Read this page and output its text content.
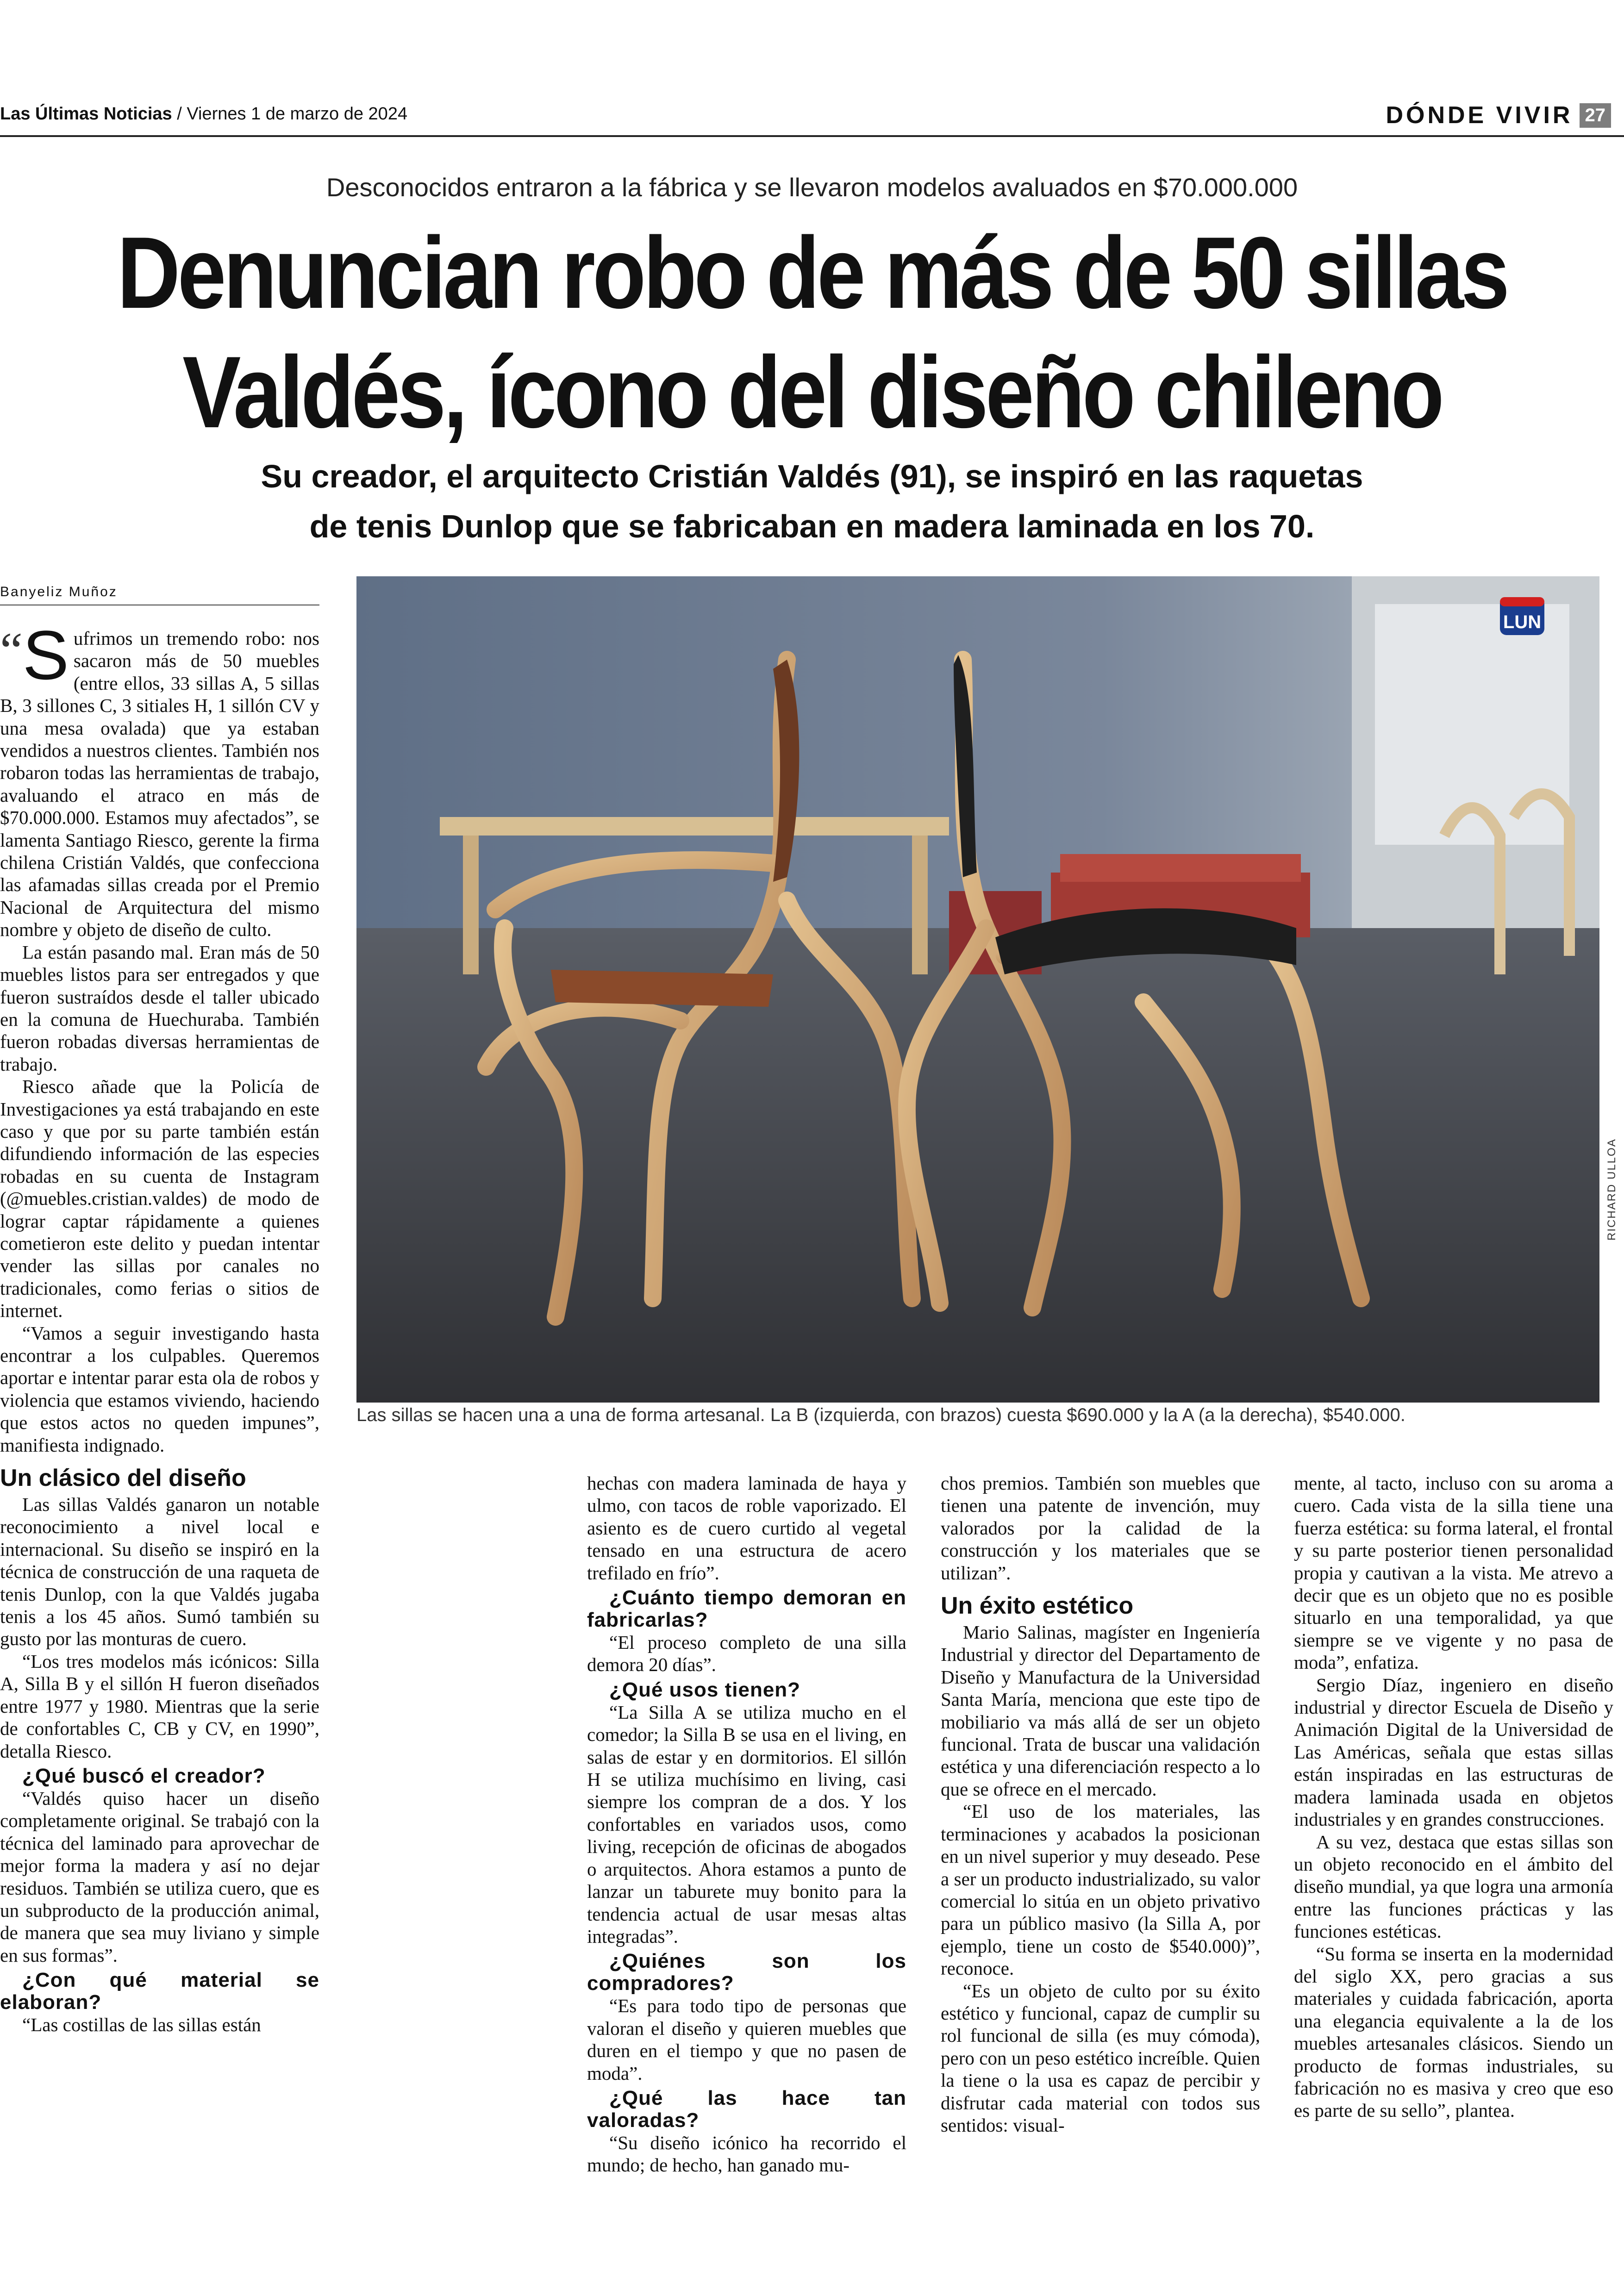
Las Últimas Noticias / Viernes 1 de marzo de 2024	DÓNDE VIVIR 27
Desconocidos entraron a la fábrica y se llevaron modelos avaluados en $70.000.000
Denuncian robo de más de 50 sillas
Valdés, ícono del diseño chileno
Su creador, el arquitecto Cristián Valdés (91), se inspiró en las raquetas
de tenis Dunlop que se fabricaban en madera laminada en los 70.
Banyeliz Muñoz
LUN
RICHARD ULLOA
Las sillas se hacen una a una de forma artesanal. La B (izquierda, con brazos) cuesta $690.000 y la A (a la derecha), $540.000.

“S ufrimos un tremendo robo: nos sacaron más de 50 muebles (entre ellos, 33 sillas A, 5 sillas B, 3 sillones C, 3 sitiales H, 1 sillón CV y una mesa ovalada) que ya estaban vendidos a nuestros clientes. También nos robaron todas las herramientas de trabajo, avaluando el atraco en más de $70.000.000. Estamos muy afectados”, se lamenta Santiago Riesco, gerente la firma chilena Cristián Valdés, que confecciona las afamadas sillas creada por el Premio Nacional de Arquitectura del mismo nombre y objeto de diseño de culto.

La están pasando mal. Eran más de 50 muebles listos para ser entregados y que fueron sustraídos desde el taller ubicado en la comuna de Huechuraba. También fueron robadas diversas herramientas de trabajo.

Riesco añade que la Policía de Investigaciones ya está trabajando en este caso y que por su parte también están difundiendo información de las especies robadas en su cuenta de Instagram (@muebles.cristian.valdes) de modo de lograr captar rápidamente a quienes cometieron este delito y puedan intentar vender las sillas por canales no tradicionales, como ferias o sitios de internet.

“Vamos a seguir investigando hasta encontrar a los culpables. Queremos aportar e intentar parar esta ola de robos y violencia que estamos viviendo, haciendo que estos actos no queden impunes”, manifiesta indignado.

Un clásico del diseño

Las sillas Valdés ganaron un notable reconocimiento a nivel local e internacional. Su diseño se inspiró en la técnica de construcción de una raqueta de tenis Dunlop, con la que Valdés jugaba tenis a los 45 años. Sumó también su gusto por las monturas de cuero.

“Los tres modelos más icónicos: Silla A, Silla B y el sillón H fueron diseñados entre 1977 y 1980. Mientras que la serie de confortables C, CB y CV, en 1990”, detalla Riesco.

¿Qué buscó el creador?

“Valdés quiso hacer un diseño completamente original. Se trabajó con la técnica del laminado para aprovechar de mejor forma la madera y así no dejar residuos. También se utiliza cuero, que es un subproducto de la producción animal, de manera que sea muy liviano y simple en sus formas”.

¿Con qué material se elaboran?

“Las costillas de las sillas están

hechas con madera laminada de haya y ulmo, con tacos de roble vaporizado. El asiento es de cuero curtido al vegetal tensado en una estructura de acero trefilado en frío”.

¿Cuánto tiempo demoran en fabricarlas?

“El proceso completo de una silla demora 20 días”.

¿Qué usos tienen?

“La Silla A se utiliza mucho en el comedor; la Silla B se usa en el living, en salas de estar y en dormitorios. El sillón H se utiliza muchísimo en living, casi siempre los compran de a dos. Y los confortables en variados usos, como living, recepción de oficinas de abogados o arquitectos. Ahora estamos a punto de lanzar un taburete muy bonito para la tendencia actual de usar mesas altas integradas”.

¿Quiénes son los compradores?

“Es para todo tipo de personas que valoran el diseño y quieren muebles que duren en el tiempo y que no pasen de moda”.

¿Qué las hace tan valoradas?

“Su diseño icónico ha recorrido el mundo; de hecho, han ganado mu-

chos premios. También son muebles que tienen una patente de invención, muy valorados por la calidad de la construcción y los materiales que se utilizan”.

Un éxito estético

Mario Salinas, magíster en Ingeniería Industrial y director del Departamento de Diseño y Manufactura de la Universidad Santa María, menciona que este tipo de mobiliario va más allá de ser un objeto funcional. Trata de buscar una validación estética y una diferenciación respecto a lo que se ofrece en el mercado.

“El uso de los materiales, las terminaciones y acabados la posicionan en un nivel superior y muy deseado. Pese a ser un producto industrializado, su valor comercial lo sitúa en un objeto privativo para un público masivo (la Silla A, por ejemplo, tiene un costo de $540.000)”, reconoce.

“Es un objeto de culto por su éxito estético y funcional, capaz de cumplir su rol funcional de silla (es muy cómoda), pero con un peso estético increíble. Quien la tiene o la usa es capaz de percibir y disfrutar cada material con todos sus sentidos: visual-

mente, al tacto, incluso con su aroma a cuero. Cada vista de la silla tiene una fuerza estética: su forma lateral, el frontal y su parte posterior tienen personalidad propia y cautivan a la vista. Me atrevo a decir que es un objeto que no es posible situarlo en una temporalidad, ya que siempre se ve vigente y no pasa de moda”, enfatiza.

Sergio Díaz, ingeniero en diseño industrial y director Escuela de Diseño y Animación Digital de la Universidad de Las Américas, señala que estas sillas están inspiradas en las estructuras de madera laminada usada en objetos industriales y en grandes construcciones.

A su vez, destaca que estas sillas son un objeto reconocido en el ámbito del diseño mundial, ya que logra una armonía entre las funciones prácticas y las funciones estéticas.

“Su forma se inserta en la modernidad del siglo XX, pero gracias a sus materiales y cuidada fabricación, aporta una elegancia equivalente a la de los muebles artesanales clásicos. Siendo un producto de formas industriales, su fabricación no es masiva y creo que eso es parte de su sello”, plantea.
